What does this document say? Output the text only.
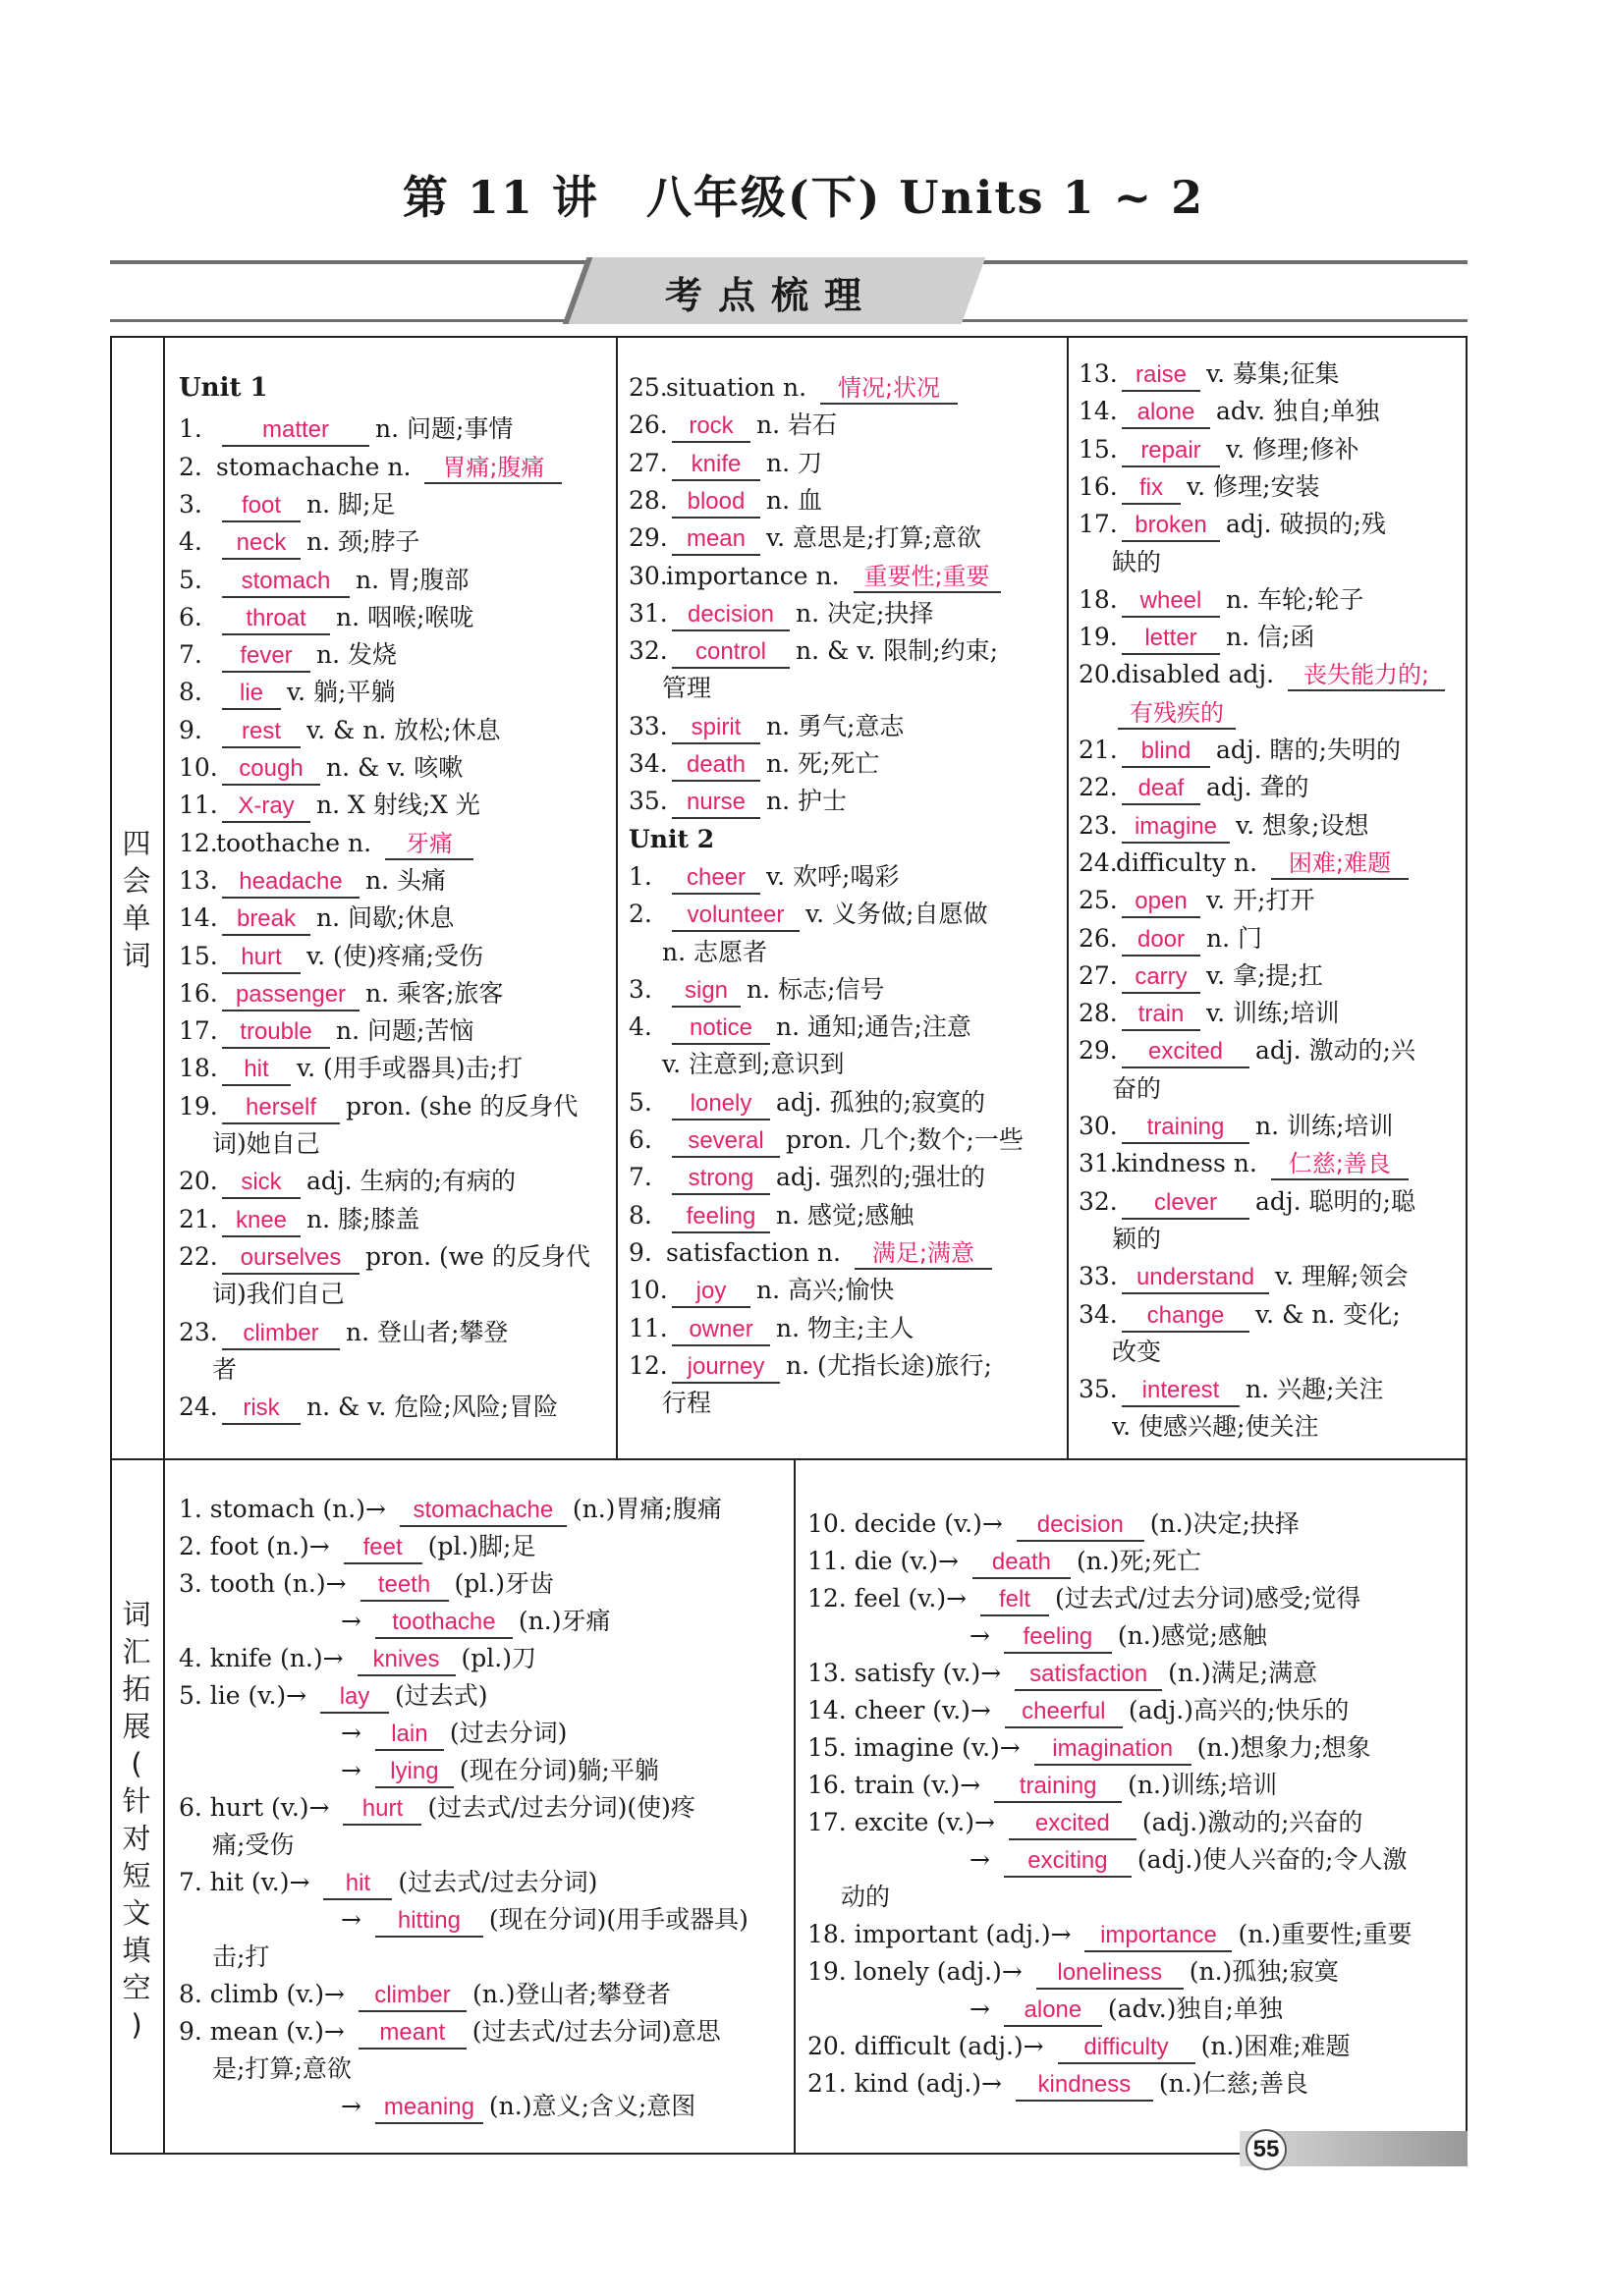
第 11 讲　八年级(下) Units 1 ~ 2
考点梳理
四
会
单
词
词
汇
拓
展
(
针
对
短
文
填
空
)
Unit 1
1.	matter n. 问题;事情
2. stomachache n. 胃痛;腹痛
3. foot n. 脚;足
4. neck n. 颈;脖子
5. stomach n. 胃;腹部
6. throat n. 咽喉;喉咙
7. fever n. 发烧
8. lie v. 躺;平躺
9. rest v. & n. 放松;休息
10. cough n. & v. 咳嗽
11. X-ray n. X 射线;X 光
12.toothache n. 牙痛
13. headache n. 头痛
14. break n. 间歇;休息
15. hurt v. (使)疼痛;受伤
16. passenger n. 乘客;旅客
17. trouble n. 问题;苦恼
18. hit v. (用手或器具)击;打
19. herself pron. (she 的反身代
词)她自己
20. sick adj. 生病的;有病的
21. knee n. 膝;膝盖
22. ourselves pron. (we 的反身代
词)我们自己
23. climber n. 登山者;攀登
者
24. risk n. & v. 危险;风险;冒险
25.situation n. 情况;状况
26. rock n. 岩石
27. knife n. 刀
28. blood n. 血
29. mean v. 意思是;打算;意欲
30.importance n. 重要性;重要
31. decision n. 决定;抉择
32. control n. & v. 限制;约束;
管理
33. spirit n. 勇气;意志
34. death n. 死;死亡
35. nurse n. 护士
Unit 2
1. cheer v. 欢呼;喝彩
2. volunteer v. 义务做;自愿做
n. 志愿者
3. sign n. 标志;信号
4. notice n. 通知;通告;注意
v. 注意到;意识到
5. lonely adj. 孤独的;寂寞的
6. several pron. 几个;数个;一些
7. strong adj. 强烈的;强壮的
8. feeling n. 感觉;感触
9. satisfaction n. 满足;满意
10. joy n. 高兴;愉快
11. owner n. 物主;主人
12. journey n. (尤指长途)旅行;
行程
13. raise v. 募集;征集
14. alone adv. 独自;单独
15. repair v. 修理;修补
16. fix v. 修理;安装
17. broken adj. 破损的;残
缺的
18. wheel n. 车轮;轮子
19. letter n. 信;函
20.disabled adj. 丧失能力的;
有残疾的
21. blind adj. 瞎的;失明的
22. deaf adj. 聋的
23. imagine v. 想象;设想
24.difficulty n. 困难;难题
25. open v. 开;打开
26. door n. 门
27. carry v. 拿;提;扛
28. train v. 训练;培训
29. excited adj. 激动的;兴
奋的
30. training n. 训练;培训
31.kindness n. 仁慈;善良
32. clever adj. 聪明的;聪
颖的
33. understand v. 理解;领会
34. change v. & n. 变化;
改变
35. interest n. 兴趣;关注
v. 使感兴趣;使关注
1. stomach (n.)→ stomachache (n.)胃痛;腹痛
2. foot (n.)→ feet (pl.)脚;足
3. tooth (n.)→ teeth (pl.)牙齿
→ toothache (n.)牙痛
4. knife (n.)→ knives (pl.)刀
5. lie (v.)→ lay (过去式)
→ lain (过去分词)
→ lying (现在分词)躺;平躺
6. hurt (v.)→ hurt (过去式/过去分词)(使)疼
痛;受伤
7. hit (v.)→ hit (过去式/过去分词)
→ hitting (现在分词)(用手或器具)
击;打
8. climb (v.)→ climber (n.)登山者;攀登者
9. mean (v.)→ meant (过去式/过去分词)意思
是;打算;意欲
→ meaning (n.)意义;含义;意图
10. decide (v.)→ decision (n.)决定;抉择
11. die (v.)→ death (n.)死;死亡
12. feel (v.)→ felt (过去式/过去分词)感受;觉得
→ feeling (n.)感觉;感触
13. satisfy (v.)→ satisfaction (n.)满足;满意
14. cheer (v.)→ cheerful (adj.)高兴的;快乐的
15. imagine (v.)→ imagination (n.)想象力;想象
16. train (v.)→ training (n.)训练;培训
17. excite (v.)→ excited (adj.)激动的;兴奋的
→ exciting (adj.)使人兴奋的;令人激
动的
18. important (adj.)→ importance (n.)重要性;重要
19. lonely (adj.)→ loneliness (n.)孤独;寂寞
→ alone (adv.)独自;单独
20. difficult (adj.)→ difficulty (n.)困难;难题
21. kind (adj.)→ kindness (n.)仁慈;善良
55
